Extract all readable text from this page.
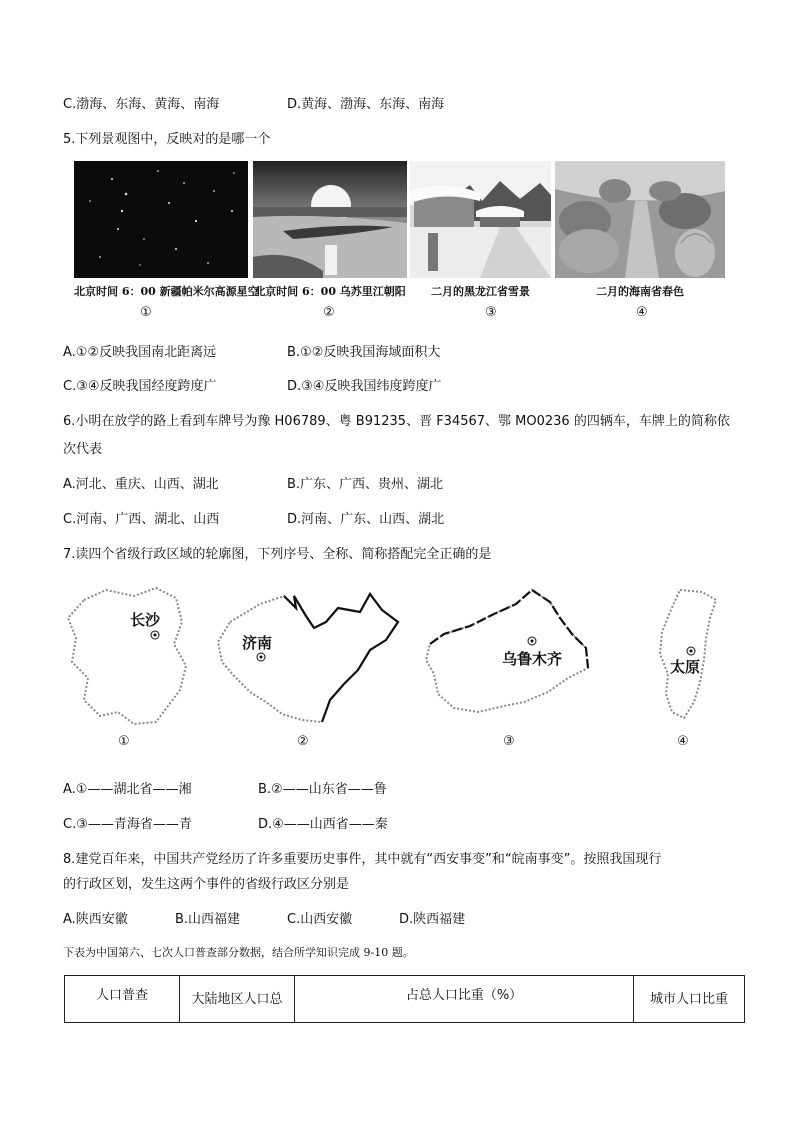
C.渤海、东海、黄海、南海	D.黄海、渤海、东海、南海
5.下列景观图中，反映对的是哪一个
北京时间 6：00 新疆帕米尔高源星空
北京时间 6：00 乌苏里江朝阳	二月的黑龙江省雪景	二月的海南省春色
①	②	③	④
A.①②反映我国南北距离远	B.①②反映我国海域面积大
C.③④反映我国经度跨度广	D.③④反映我国纬度跨度广
6.小明在放学的路上看到车牌号为豫 H06789、粤 B91235、晋 F34567、鄂 MO0236 的四辆车，车牌上的简称依
次代表
A.河北、重庆、山西、湖北	B.广东、广西、贵州、湖北
C.河南、广西、湖北、山西	D.河南、广东、山西、湖北
7.读四个省级行政区域的轮廓图，下列序号、全称、简称搭配完全正确的是
长沙
济南
乌鲁木齐	太原
①	②	③	④
A.①——湖北省——湘	B.②——山东省——鲁
C.③——青海省——青	D.④——山西省——秦
8.建党百年来，中国共产党经历了许多重要历史事件，其中就有“西安事变”和“皖南事变”。按照我国现行
的行政区划，发生这两个事件的省级行政区分别是
A.陕西安徽	B.山西福建	C.山西安徽	D.陕西福建
下表为中国第六、七次人口普查部分数据，结合所学知识完成 9-10 题。
人口普查	大陆地区人口总	占总人口比重（%）	城市人口比重
